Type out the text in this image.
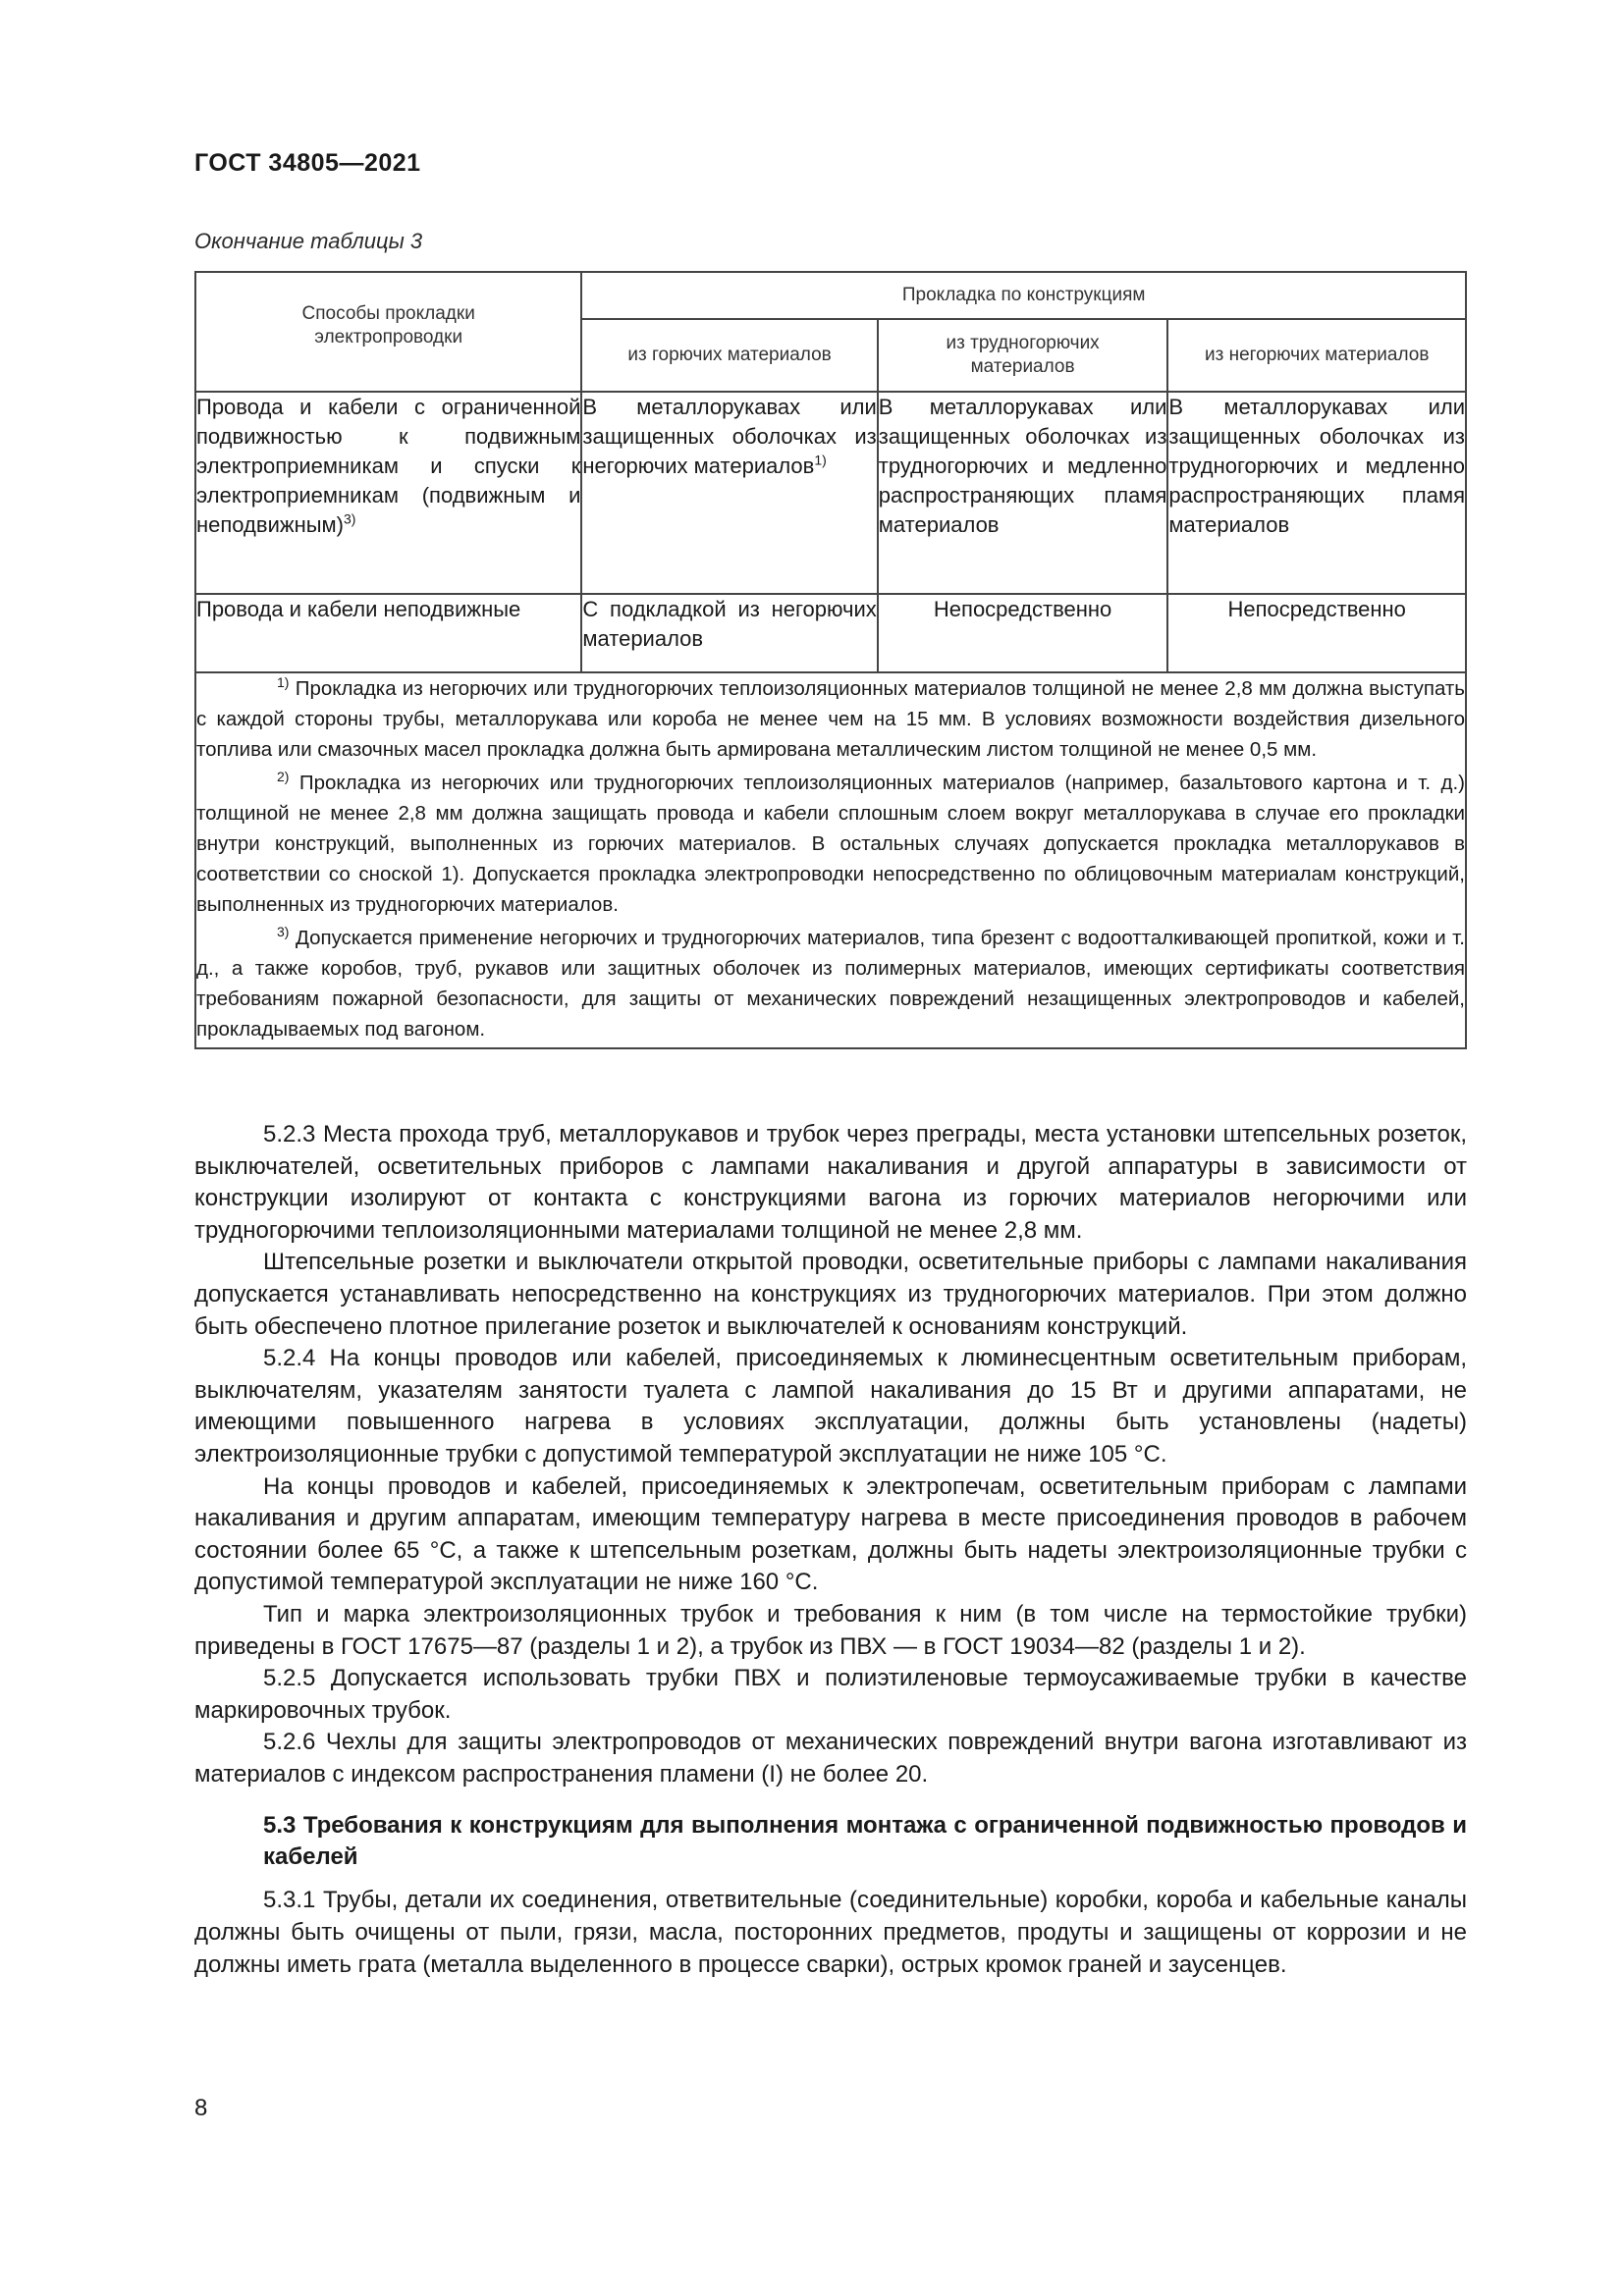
ГОСТ 34805—2021
Окончание таблицы 3
Способы прокладки электропроводки	Прокладка по конструкциям		
	из горючих материалов	из трудногорючих материалов	из негорючих материалов
Провода и кабели с ограниченной подвижностью к подвижным электроприемникам и спуски к электроприемникам (подвижным и неподвижным)$^{3)}$	В металлорукавах или защищенных оболочках из негорючих материалов$^{1)}$	В металлорукавах или защищенных оболочках из трудногорючих и медленно распространяющих пламя материалов	В металлорукавах или защищенных оболочках из трудногорючих и медленно распространяющих пламя материалов
Провода и кабели неподвижные	С подкладкой из негорючих материалов	Непосредственно	Непосредственно

$^{1)}$ Прокладка из негорючих или трудногорючих теплоизоляционных материалов толщиной не менее 2,8 мм должна выступать с каждой стороны трубы, металлорукава или короба не менее чем на 15 мм. В условиях возможности воздействия дизельного топлива или смазочных масел прокладка должна быть армирована металлическим листом толщиной не менее 0,5 мм.

$^{2)}$ Прокладка из негорючих или трудногорючих теплоизоляционных материалов (например, базальтового картона и т. д.) толщиной не менее 2,8 мм должна защищать провода и кабели сплошным слоем вокруг металлорукава в случае его прокладки внутри конструкций, выполненных из горючих материалов. В остальных случаях допускается прокладка металлорукавов в соответствии со сноской 1). Допускается прокладка электропроводки непосредственно по облицовочным материалам конструкций, выполненных из трудногорючих материалов.

$^{3)}$ Допускается применение негорючих и трудногорючих материалов, типа брезент с водоотталкивающей пропиткой, кожи и т. д., а также коробов, труб, рукавов или защитных оболочек из полимерных материалов, имеющих сертификаты соответствия требованиям пожарной безопасности, для защиты от механических повреждений незащищенных электропроводов и кабелей, прокладываемых под вагоном.			

5.2.3 Места прохода труб, металлорукавов и трубок через преграды, места установки штепсельных розеток, выключателей, осветительных приборов с лампами накаливания и другой аппаратуры в зависимости от конструкции изолируют от контакта с конструкциями вагона из горючих материалов негорючими или трудногорючими теплоизоляционными материалами толщиной не менее 2,8 мм.

Штепсельные розетки и выключатели открытой проводки, осветительные приборы с лампами накаливания допускается устанавливать непосредственно на конструкциях из трудногорючих материалов. При этом должно быть обеспечено плотное прилегание розеток и выключателей к основаниям конструкций.

5.2.4 На концы проводов или кабелей, присоединяемых к люминесцентным осветительным приборам, выключателям, указателям занятости туалета с лампой накаливания до 15 Вт и другими аппаратами, не имеющими повышенного нагрева в условиях эксплуатации, должны быть установлены (надеты) электроизоляционные трубки с допустимой температурой эксплуатации не ниже 105 °С.

На концы проводов и кабелей, присоединяемых к электропечам, осветительным приборам с лампами накаливания и другим аппаратам, имеющим температуру нагрева в месте присоединения проводов в рабочем состоянии более 65 °С, а также к штепсельным розеткам, должны быть надеты электроизоляционные трубки с допустимой температурой эксплуатации не ниже 160 °С.

Тип и марка электроизоляционных трубок и требования к ним (в том числе на термостойкие трубки) приведены в ГОСТ 17675—87 (разделы 1 и 2), а трубок из ПВХ — в ГОСТ 19034—82 (разделы 1 и 2).

5.2.5 Допускается использовать трубки ПВХ и полиэтиленовые термоусаживаемые трубки в качестве маркировочных трубок.

5.2.6 Чехлы для защиты электропроводов от механических повреждений внутри вагона изготавливают из материалов с индексом распространения пламени (I) не более 20.

5.3 Требования к конструкциям для выполнения монтажа с ограниченной подвижностью проводов и кабелей

5.3.1 Трубы, детали их соединения, ответвительные (соединительные) коробки, короба и кабельные каналы должны быть очищены от пыли, грязи, масла, посторонних предметов, продуты и защищены от коррозии и не должны иметь грата (металла выделенного в процессе сварки), острых кромок граней и заусенцев.

8
